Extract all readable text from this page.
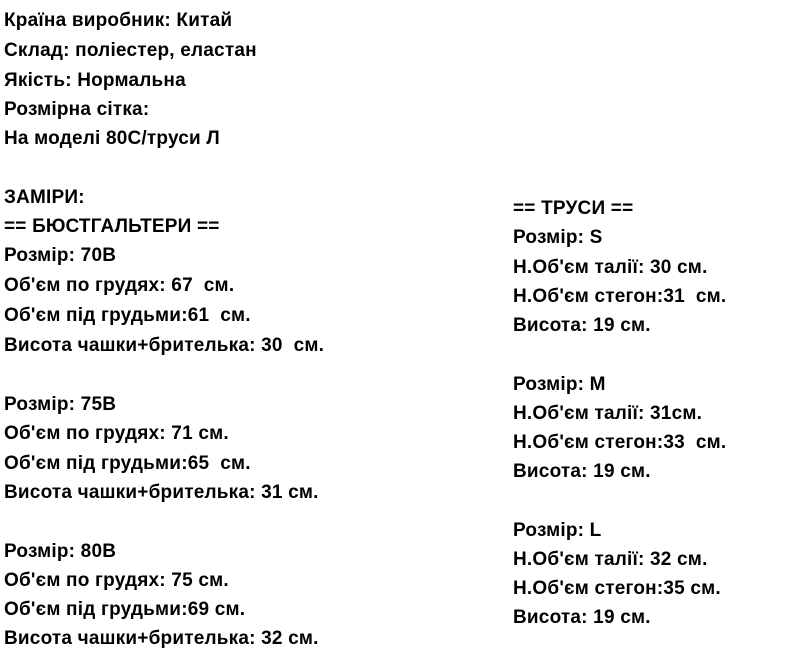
Країна виробник: Китай
Склад: поліестер, еластан
Якість: Нормальна
Розмірна сітка:
На моделі 80С/труси Л
ЗАМІРИ:
== БЮСТГАЛЬТЕРИ ==
Розмір: 70В
Об'єм по грудях: 67  см.
Об'єм під грудьми:61  см.
Висота чашки+брителька: 30  см.
Розмір: 75В
Об'єм по грудях: 71 см.
Об'єм під грудьми:65  см.
Висота чашки+брителька: 31 см.
Розмір: 80В
Об'єм по грудях: 75 см.
Об'єм під грудьми:69 см.
Висота чашки+брителька: 32 см.
== ТРУСИ ==
Розмір: S
Н.Об'єм талії: 30 см.
Н.Об'єм стегон:31  см.
Висота: 19 см.
Розмір: M
Н.Об'єм талії: 31см.
Н.Об'єм стегон:33  см.
Висота: 19 см.
Розмір: L
Н.Об'єм талії: 32 см.
Н.Об'єм стегон:35 см.
Висота: 19 см.
